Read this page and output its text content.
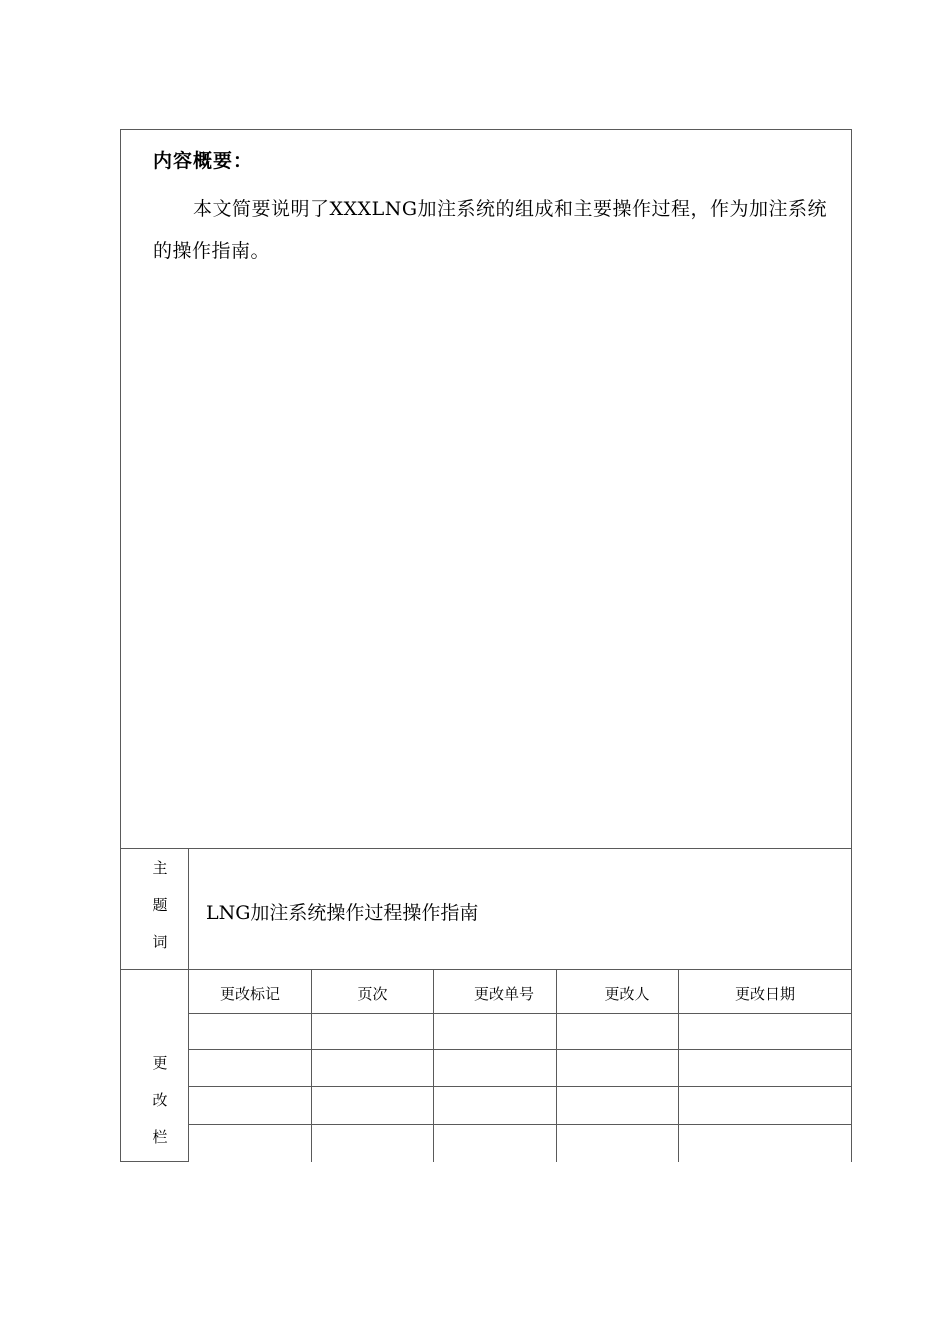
内容概要：
本文简要说明了XXXLNG加注系统的组成和主要操作过程，作为加注系统的操作指南。
主
题
词
LNG加注系统操作过程操作指南
更
改
栏
更改标记	页次	更改单号	更改人	更改日期
